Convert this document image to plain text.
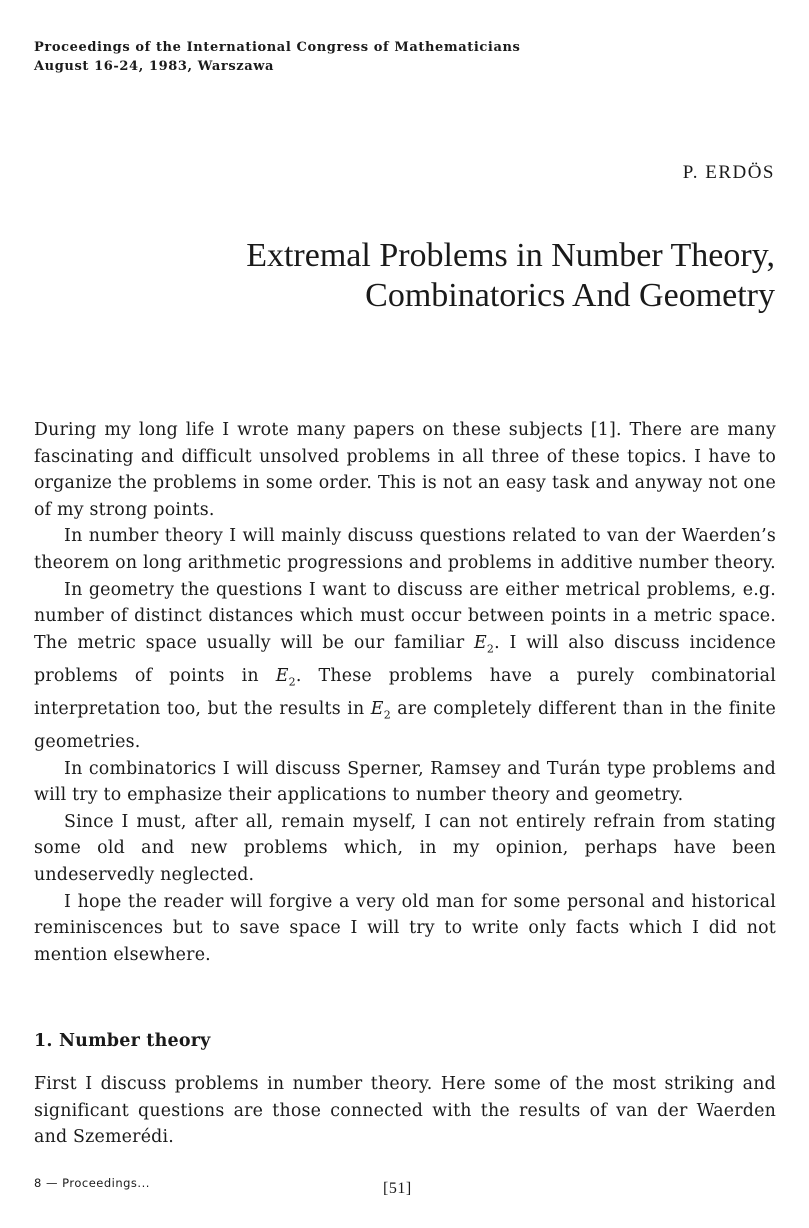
Proceedings of the International Congress of Mathematicians
August 16-24, 1983, Warszawa
P. ERDÖS
Extremal Problems in Number Theory,
Combinatorics And Geometry

During my long life I wrote many papers on these subjects [1]. There are many fascinating and difficult unsolved problems in all three of these topics. I have to organize the problems in some order. This is not an easy task and anyway not one of my strong points.

In number theory I will mainly discuss questions related to van der Waerden’s theorem on long arithmetic progressions and problems in additive number theory.

In geometry the questions I want to discuss are either metrical problems, e.g. number of distinct distances which must occur between points in a metric space. The metric space usually will be our familiar $E_2$. I will also discuss incidence problems of points in $E_2$. These problems have a purely combinatorial interpretation too, but the results in $E_2$ are completely different than in the finite geometries.

In combinatorics I will discuss Sperner, Ramsey and Turán type problems and will try to emphasize their applications to number theory and geometry.

Since I must, after all, remain myself, I can not entirely refrain from stating some old and new problems which, in my opinion, perhaps have been undeservedly neglected.

I hope the reader will forgive a very old man for some personal and historical reminiscences but to save space I will try to write only facts which I did not mention elsewhere.

1. Number theory

First I discuss problems in number theory. Here some of the most striking and significant questions are those connected with the results of van der Waerden and Szemerédi.

8 — Proceedings...	[51]
